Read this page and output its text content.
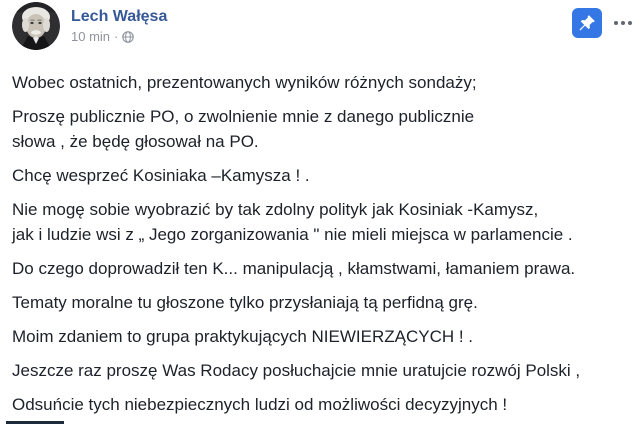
Lech Wałęsa
10 min ·
Wobec ostatnich, prezentowanych wyników różnych sondaży;
Proszę publicznie PO, o zwolnienie mnie z danego publicznie
słowa , że będę głosował na PO.
Chcę wesprzeć Kosiniaka –Kamysza ! .
Nie mogę sobie wyobrazić by tak zdolny polityk jak Kosiniak -Kamysz,
jak i ludzie wsi z „ Jego zorganizowania " nie mieli miejsca w parlamencie .
Do czego doprowadził ten K... manipulacją , kłamstwami, łamaniem prawa.
Tematy moralne tu głoszone tylko przysłaniają tą perfidną grę.
Moim zdaniem to grupa praktykujących NIEWIERZĄCYCH ! .
Jeszcze raz proszę Was Rodacy posłuchajcie mnie uratujcie rozwój Polski ,
Odsuńcie tych niebezpiecznych ludzi od możliwości decyzyjnych !
